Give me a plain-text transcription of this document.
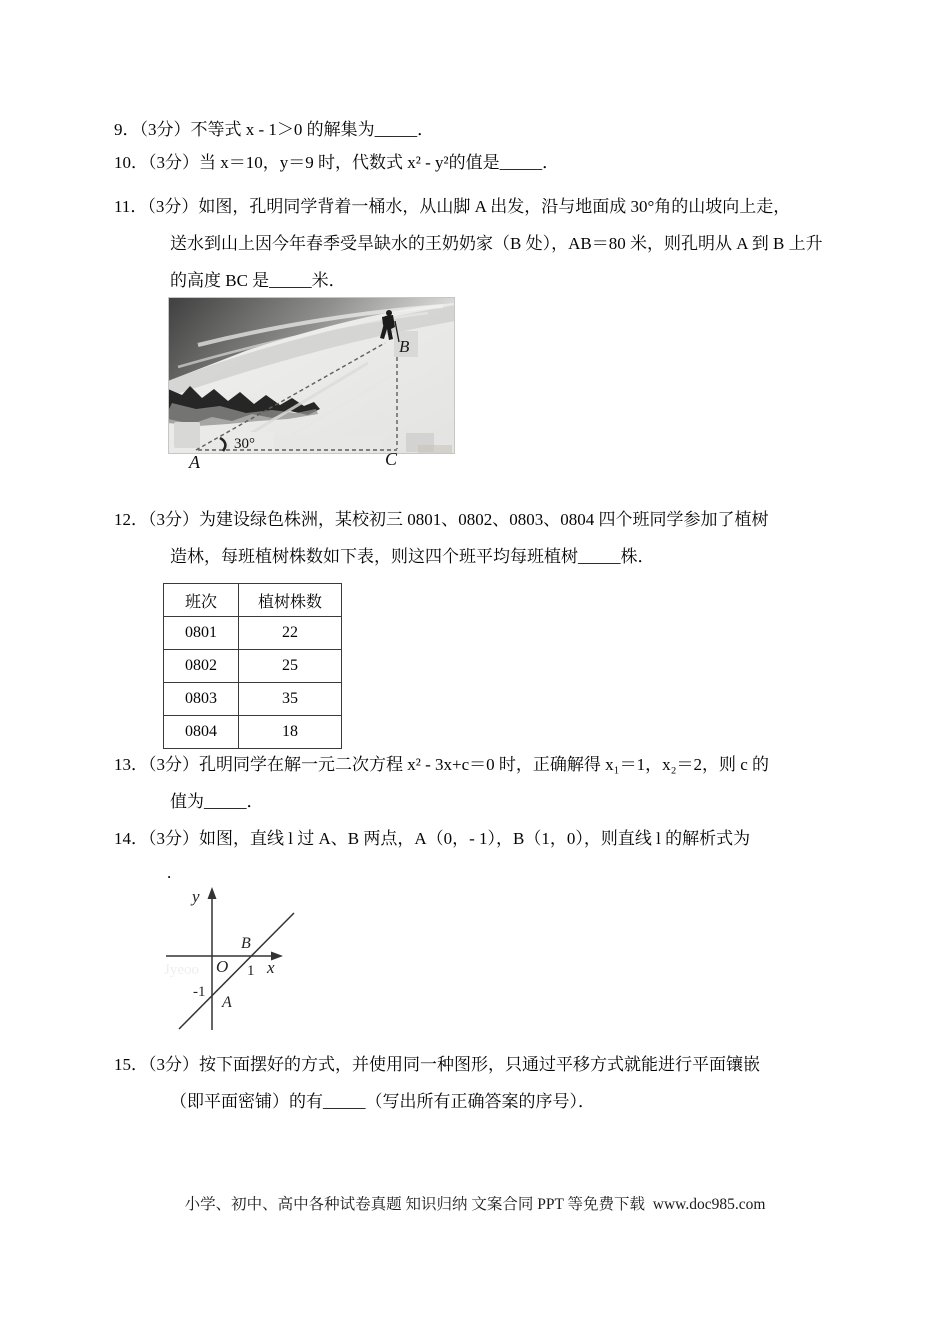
9．（3分）不等式 x - 1＞0 的解集为_____．
10．（3分）当 x＝10，y＝9 时，代数式 x² - y²的值是_____．
11．（3分）如图，孔明同学背着一桶水，从山脚 A 出发，沿与地面成 30°角的山坡向上走，
送水到山上因今年春季受旱缺水的王奶奶家（B 处），AB＝80 米，则孔明从 A 到 B 上升
的高度 BC 是_____米．
30°
B
A	C
12．（3分）为建设绿色株洲，某校初三 0801、0802、0803、0804 四个班同学参加了植树
造林，每班植树株数如下表，则这四个班平均每班植树_____株．
班次	植树株数
0801	22
0802	25
0803	35
0804	18
13．（3分）孔明同学在解一元二次方程 x² - 3x+c＝0 时，正确解得 x₁＝1，x₂＝2，则 c 的
值为_____．
14．（3分）如图，直线 l 过 A、B 两点，A（0，- 1），B（1，0），则直线 l 的解析式为
.
Jyeoo
y
O
B
1 x
-1
A
15．（3分）按下面摆好的方式，并使用同一种图形，只通过平移方式就能进行平面镶嵌
（即平面密铺）的有_____（写出所有正确答案的序号）．
小学、初中、高中各种试卷真题 知识归纳 文案合同 PPT 等免费下载  www.doc985.com
